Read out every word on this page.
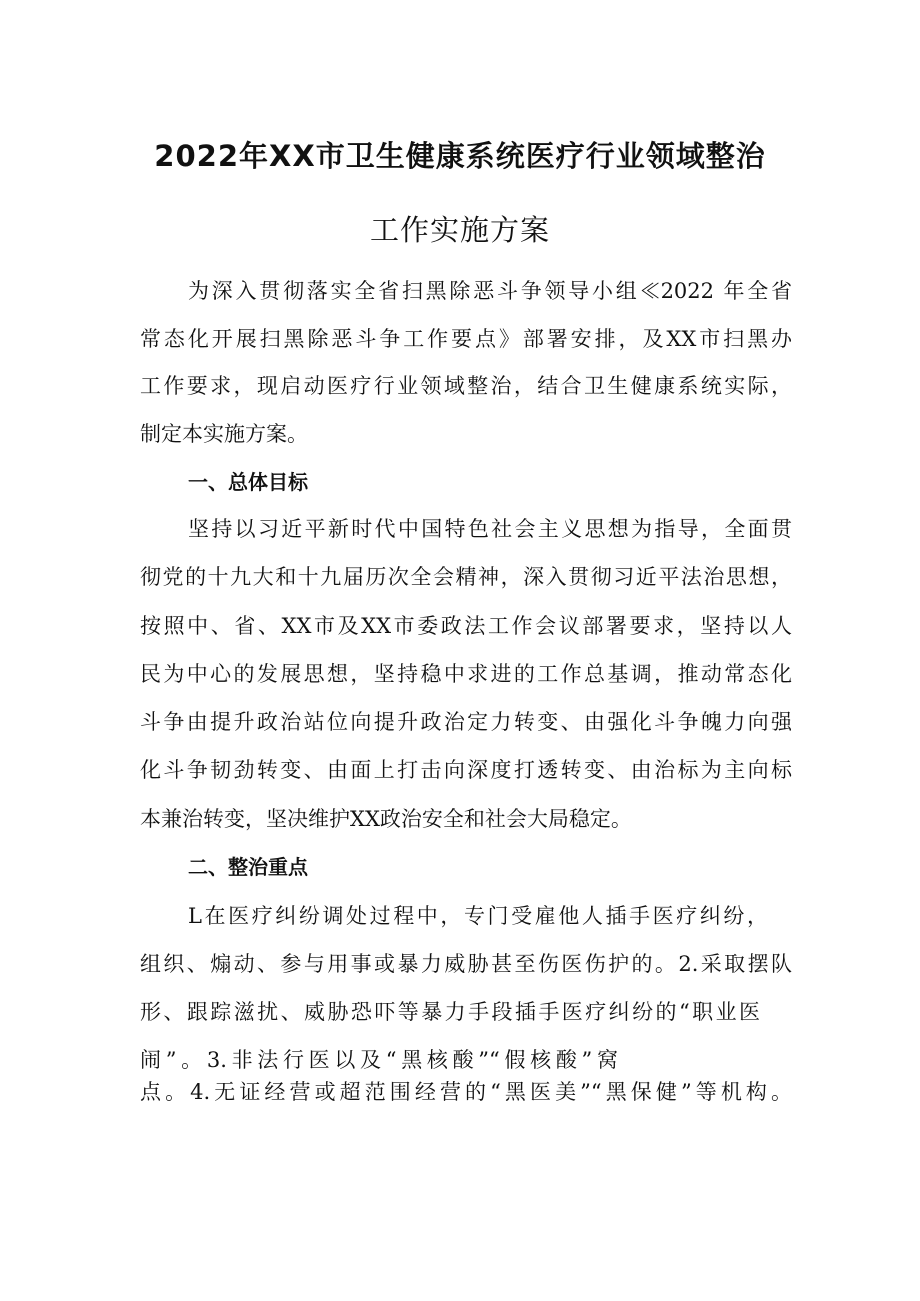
2022年XX市卫生健康系统医疗行业领域整治
工作实施方案
为深入贯彻落实全省扫黑除恶斗争领导小组≪2022 年全省
常态化开展扫黑除恶斗争工作要点》部署安排，及XX市扫黑办
工作要求，现启动医疗行业领域整治，结合卫生健康系统实际，
制定本实施方案。
一、总体目标
坚持以习近平新时代中国特色社会主义思想为指导，全面贯
彻党的十九大和十九届历次全会精神，深入贯彻习近平法治思想，
按照中、省、XX市及XX市委政法工作会议部署要求，坚持以人
民为中心的发展思想，坚持稳中求进的工作总基调，推动常态化
斗争由提升政治站位向提升政治定力转变、由强化斗争魄力向强
化斗争韧劲转变、由面上打击向深度打透转变、由治标为主向标
本兼治转变，坚决维护XX政治安全和社会大局稳定。
二、整治重点
L在医疗纠纷调处过程中，专门受雇他人插手医疗纠纷，
组织、煽动、参与用事或暴力威胁甚至伤医伤护的。2.采取摆队
形、跟踪滋扰、威胁恐吓等暴力手段插手医疗纠纷的“职业医
闹”。3.非法行医以及“黑核酸”“假核酸”窝
点。4.无证经营或超范围经营的“黑医美”“黑保健”等机构。
